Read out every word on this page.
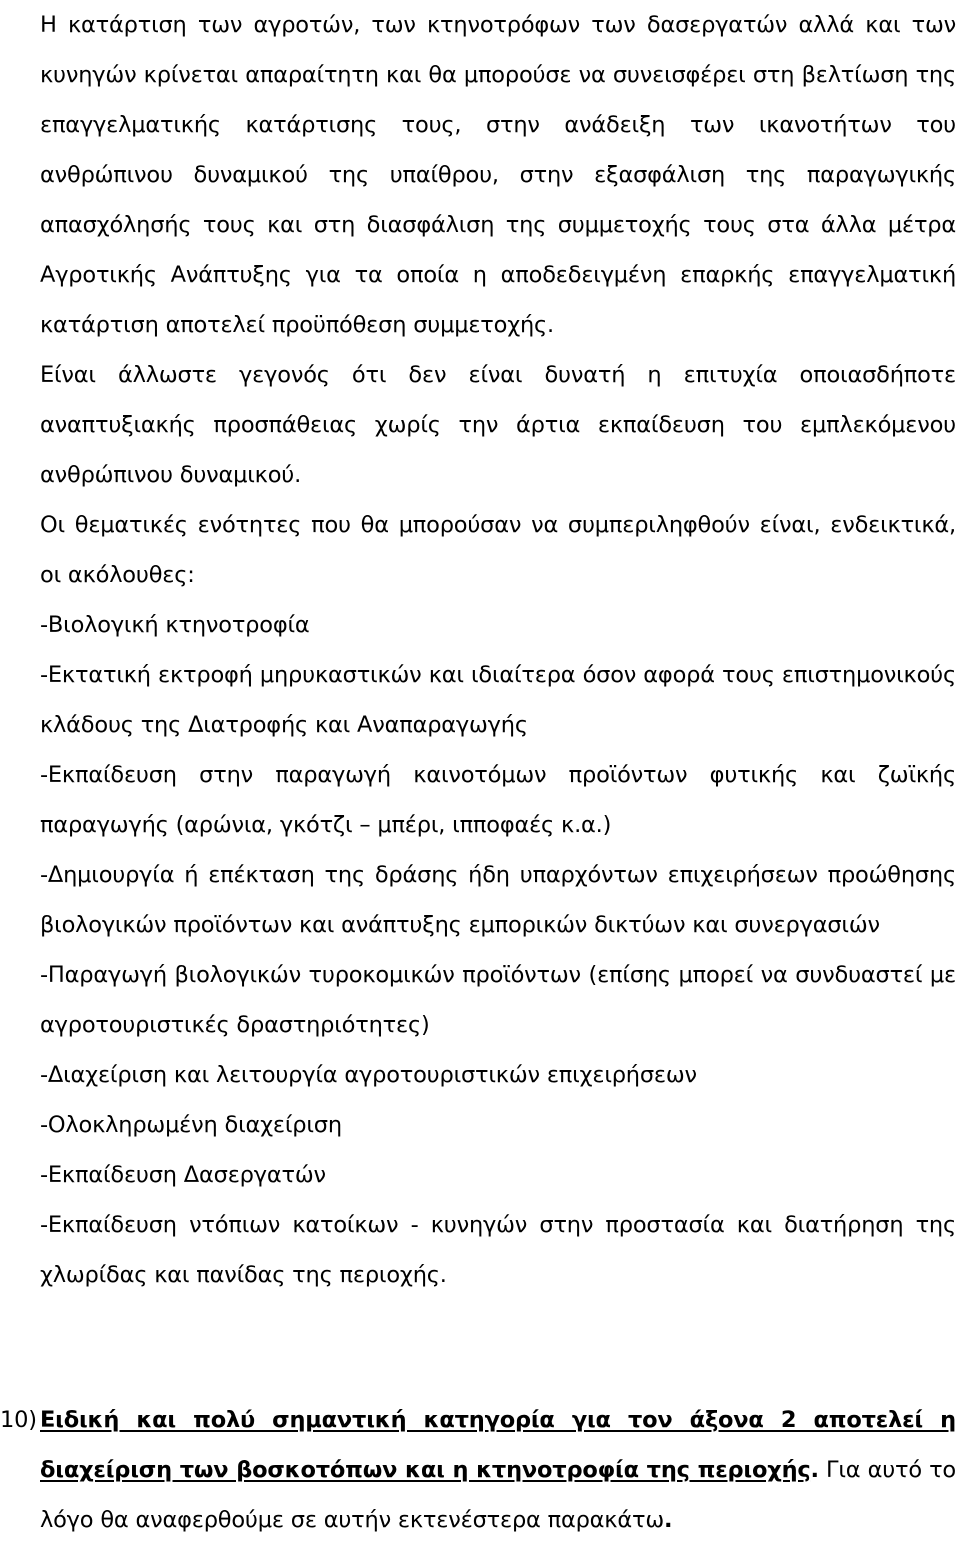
Η κατάρτιση των αγροτών, των κτηνοτρόφων των δασεργατών αλλά και των κυνηγών κρίνεται απαραίτητη και θα μπορούσε να συνεισφέρει στη βελτίωση της επαγγελματικής κατάρτισης τους, στην ανάδειξη των ικανοτήτων του ανθρώπινου δυναμικού της υπαίθρου, στην εξασφάλιση της παραγωγικής απασχόλησής τους και στη διασφάλιση της συμμετοχής τους στα άλλα μέτρα Αγροτικής Ανάπτυξης για τα οποία η αποδεδειγμένη επαρκής επαγγελματική κατάρτιση αποτελεί προϋπόθεση συμμετοχής.

Είναι άλλωστε γεγονός ότι δεν είναι δυνατή η επιτυχία οποιασδήποτε αναπτυξιακής προσπάθειας χωρίς την άρτια εκπαίδευση του εμπλεκόμενου ανθρώπινου δυναμικού.

Οι θεματικές ενότητες που θα μπορούσαν να συμπεριληφθούν είναι, ενδεικτικά, οι ακόλουθες:

-Βιολογική κτηνοτροφία

-Εκτατική εκτροφή μηρυκαστικών και ιδιαίτερα όσον αφορά τους επιστημονικούς κλάδους της Διατροφής και Αναπαραγωγής

-Εκπαίδευση στην παραγωγή καινοτόμων προϊόντων φυτικής και ζωϊκής παραγωγής (αρώνια, γκότζι – μπέρι, ιπποφαές κ.α.)

-Δημιουργία ή επέκταση της δράσης ήδη υπαρχόντων επιχειρήσεων προώθησης βιολογικών προϊόντων και ανάπτυξης εμπορικών δικτύων και συνεργασιών

-Παραγωγή βιολογικών τυροκομικών προϊόντων (επίσης μπορεί να συνδυαστεί με αγροτουριστικές δραστηριότητες)

-Διαχείριση και λειτουργία αγροτουριστικών επιχειρήσεων

-Ολοκληρωμένη διαχείριση

-Εκπαίδευση Δασεργατών

-Εκπαίδευση ντόπιων κατοίκων - κυνηγών στην προστασία και διατήρηση της χλωρίδας και πανίδας της περιοχής.

10) Ειδική και πολύ σημαντική κατηγορία για τον άξονα 2 αποτελεί η διαχείριση των βοσκοτόπων και η κτηνοτροφία της περιοχής. Για αυτό το λόγο θα αναφερθούμε σε αυτήν εκτενέστερα παρακάτω.
